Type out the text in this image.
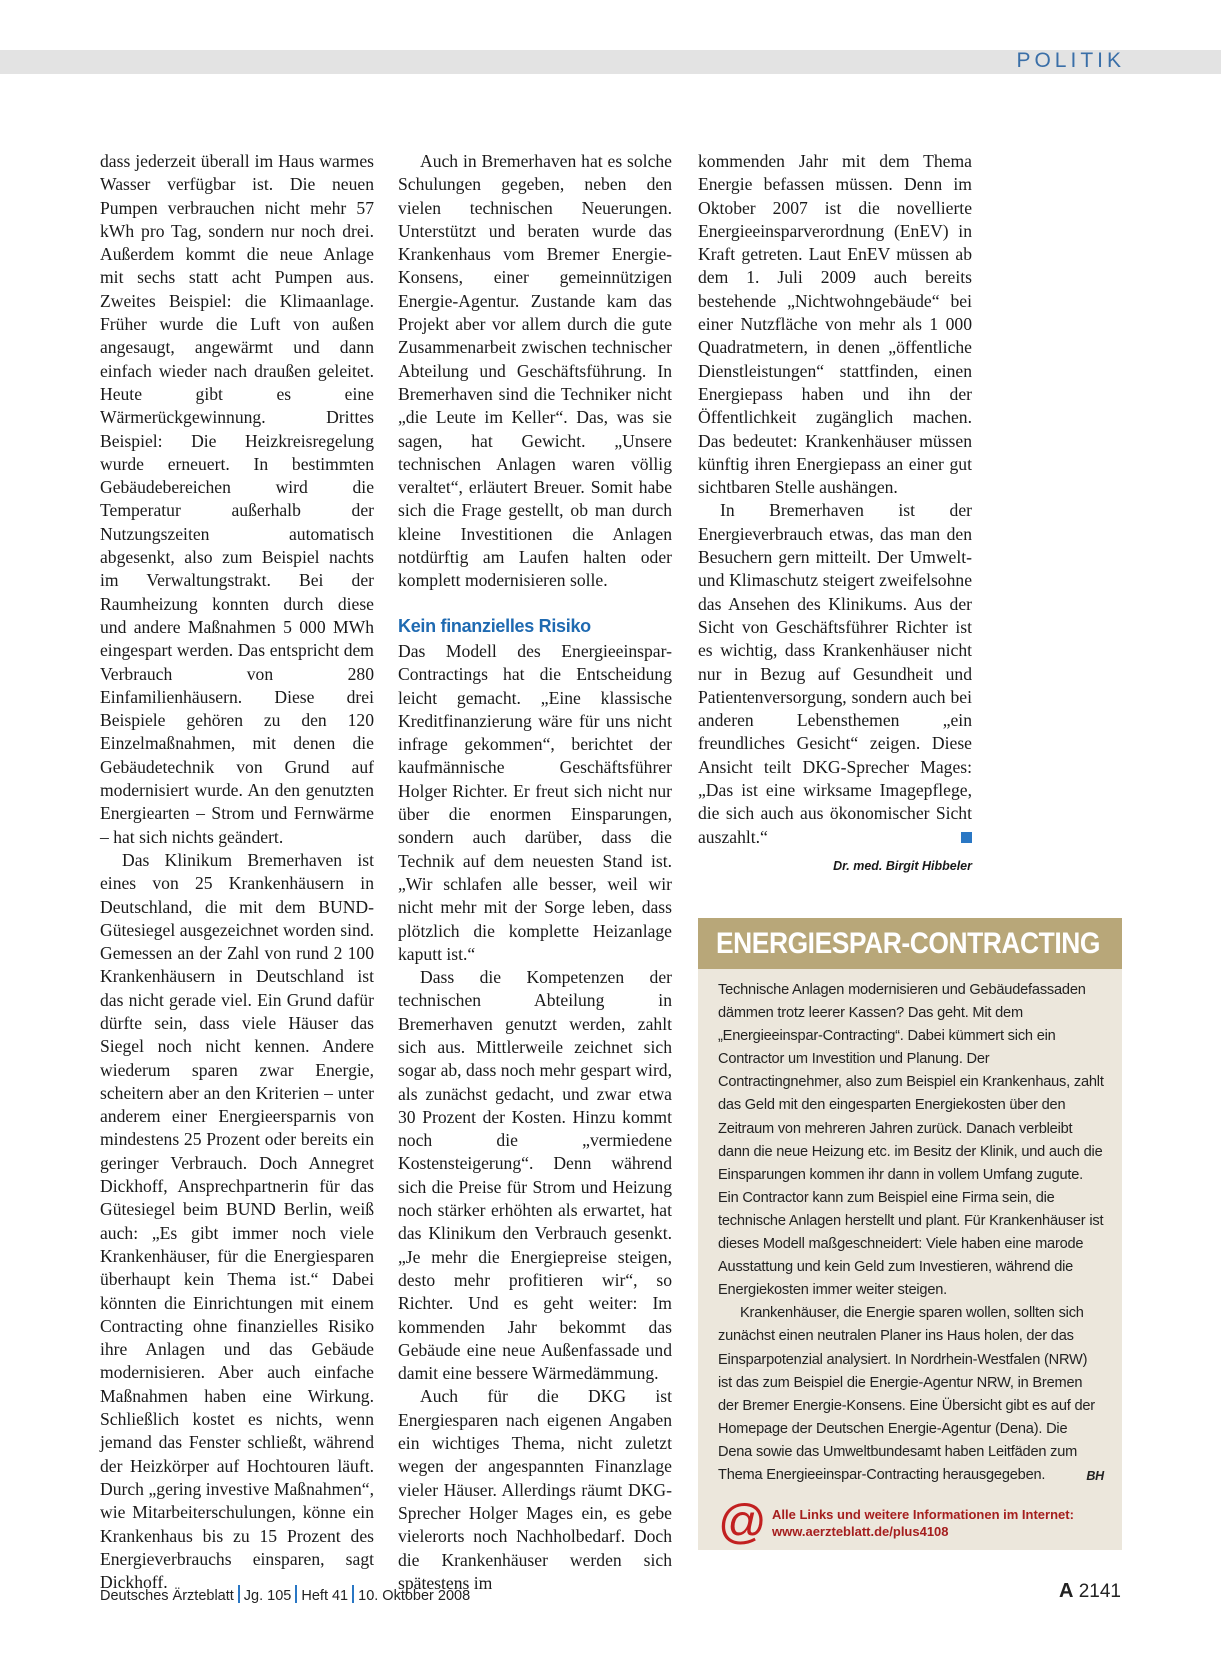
POLITIK

dass jederzeit überall im Haus warmes Wasser verfügbar ist. Die neuen Pumpen verbrauchen nicht mehr 57 kWh pro Tag, sondern nur noch drei. Außerdem kommt die neue Anlage mit sechs statt acht Pumpen aus. Zweites Beispiel: die Klimaanlage. Früher wurde die Luft von außen angesaugt, angewärmt und dann einfach wieder nach draußen geleitet. Heute gibt es eine Wärmerückgewinnung. Drittes Beispiel: Die Heizkreisregelung wurde erneuert. In bestimmten Gebäudebereichen wird die Temperatur außerhalb der Nutzungszeiten automatisch abgesenkt, also zum Beispiel nachts im Verwaltungstrakt. Bei der Raumheizung konnten durch diese und andere Maßnahmen 5 000 MWh eingespart werden. Das entspricht dem Verbrauch von 280 Einfamilienhäusern. Diese drei Beispiele gehören zu den 120 Einzelmaßnahmen, mit denen die Gebäudetechnik von Grund auf modernisiert wurde. An den genutzten Energiearten – Strom und Fernwärme – hat sich nichts geändert.

Das Klinikum Bremerhaven ist eines von 25 Krankenhäusern in Deutschland, die mit dem BUND-Gütesiegel ausgezeichnet worden sind. Gemessen an der Zahl von rund 2 100 Krankenhäusern in Deutschland ist das nicht gerade viel. Ein Grund dafür dürfte sein, dass viele Häuser das Siegel noch nicht kennen. Andere wiederum sparen zwar Energie, scheitern aber an den Kriterien – unter anderem einer Energieersparnis von mindestens 25 Prozent oder bereits ein geringer Verbrauch. Doch Annegret Dickhoff, Ansprechpartnerin für das Gütesiegel beim BUND Berlin, weiß auch: „Es gibt immer noch viele Krankenhäuser, für die Energiesparen überhaupt kein Thema ist.“ Dabei könnten die Einrichtungen mit einem Contracting ohne finanzielles Risiko ihre Anlagen und das Gebäude modernisieren. Aber auch einfache Maßnahmen haben eine Wirkung. Schließlich kostet es nichts, wenn jemand das Fenster schließt, während der Heizkörper auf Hochtouren läuft. Durch „gering investive Maßnahmen“, wie Mitarbeiterschulungen, könne ein Krankenhaus bis zu 15 Prozent des Energieverbrauchs einsparen, sagt Dickhoff.

Auch in Bremerhaven hat es solche Schulungen gegeben, neben den vielen technischen Neuerungen. Unterstützt und beraten wurde das Krankenhaus vom Bremer Energie-Konsens, einer gemeinnützigen Energie-Agentur. Zustande kam das Projekt aber vor allem durch die gute Zusammenarbeit zwischen technischer Abteilung und Geschäftsführung. In Bremerhaven sind die Techniker nicht „die Leute im Keller“. Das, was sie sagen, hat Gewicht. „Unsere technischen Anlagen waren völlig veraltet“, erläutert Breuer. Somit habe sich die Frage gestellt, ob man durch kleine Investitionen die Anlagen notdürftig am Laufen halten oder komplett modernisieren solle.

Kein finanzielles Risiko

Das Modell des Energieeinspar-Contractings hat die Entscheidung leicht gemacht. „Eine klassische Kreditfinanzierung wäre für uns nicht infrage gekommen“, berichtet der kaufmännische Geschäftsführer Holger Richter. Er freut sich nicht nur über die enormen Einsparungen, sondern auch darüber, dass die Technik auf dem neuesten Stand ist. „Wir schlafen alle besser, weil wir nicht mehr mit der Sorge leben, dass plötzlich die komplette Heizanlage kaputt ist.“

Dass die Kompetenzen der technischen Abteilung in Bremerhaven genutzt werden, zahlt sich aus. Mittlerweile zeichnet sich sogar ab, dass noch mehr gespart wird, als zunächst gedacht, und zwar etwa 30 Prozent der Kosten. Hinzu kommt noch die „vermiedene Kostensteigerung“. Denn während sich die Preise für Strom und Heizung noch stärker erhöhten als erwartet, hat das Klinikum den Verbrauch gesenkt. „Je mehr die Energiepreise steigen, desto mehr profitieren wir“, so Richter. Und es geht weiter: Im kommenden Jahr bekommt das Gebäude eine neue Außenfassade und damit eine bessere Wärmedämmung.

Auch für die DKG ist Energiesparen nach eigenen Angaben ein wichtiges Thema, nicht zuletzt wegen der angespannten Finanzlage vieler Häuser. Allerdings räumt DKG-Sprecher Holger Mages ein, es gebe vielerorts noch Nachholbedarf. Doch die Krankenhäuser werden sich spätestens im

kommenden Jahr mit dem Thema Energie befassen müssen. Denn im Oktober 2007 ist die novellierte Energieeinsparverordnung (EnEV) in Kraft getreten. Laut EnEV müssen ab dem 1. Juli 2009 auch bereits bestehende „Nichtwohngebäude“ bei einer Nutzfläche von mehr als 1 000 Quadratmetern, in denen „öffentliche Dienstleistungen“ stattfinden, einen Energiepass haben und ihn der Öffentlichkeit zugänglich machen. Das bedeutet: Krankenhäuser müssen künftig ihren Energiepass an einer gut sichtbaren Stelle aushängen.

In Bremerhaven ist der Energieverbrauch etwas, das man den Besuchern gern mitteilt. Der Umwelt- und Klimaschutz steigert zweifelsohne das Ansehen des Klinikums. Aus der Sicht von Geschäftsführer Richter ist es wichtig, dass Krankenhäuser nicht nur in Bezug auf Gesundheit und Patientenversorgung, sondern auch bei anderen Lebensthemen „ein freundliches Gesicht“ zeigen. Diese Ansicht teilt DKG-Sprecher Mages: „Das ist eine wirksame Imagepflege, die sich auch aus ökonomischer Sicht auszahlt.“

Dr. med. Birgit Hibbeler
ENERGIESPAR-CONTRACTING

Technische Anlagen modernisieren und Gebäudefassaden dämmen trotz leerer Kassen? Das geht. Mit dem „Energieeinspar-Contracting“. Dabei kümmert sich ein Contractor um Investition und Planung. Der Contractingnehmer, also zum Beispiel ein Krankenhaus, zahlt das Geld mit den eingesparten Energiekosten über den Zeitraum von mehreren Jahren zurück. Danach verbleibt dann die neue Heizung etc. im Besitz der Klinik, und auch die Einsparungen kommen ihr dann in vollem Umfang zugute. Ein Contractor kann zum Beispiel eine Firma sein, die technische Anlagen herstellt und plant. Für Krankenhäuser ist dieses Modell maßgeschneidert: Viele haben eine marode Ausstattung und kein Geld zum Investieren, während die Energiekosten immer weiter steigen.

Krankenhäuser, die Energie sparen wollen, sollten sich zunächst einen neutralen Planer ins Haus holen, der das Einsparpotenzial analysiert. In Nordrhein-Westfalen (NRW) ist das zum Beispiel die Energie-Agentur NRW, in Bremen der Bremer Energie-Konsens. Eine Übersicht gibt es auf der Homepage der Deutschen Energie-Agentur (Dena). Die Dena sowie das Umweltbundesamt haben Leitfäden zum Thema Energieeinspar-Contracting herausgegeben.	BH

@ Alle Links und weitere Informationen im Internet:
www.aerzteblatt.de/plus4108
Deutsches Ärzteblatt Jg. 105 Heft 41 10. Oktober 2008	A 2141
